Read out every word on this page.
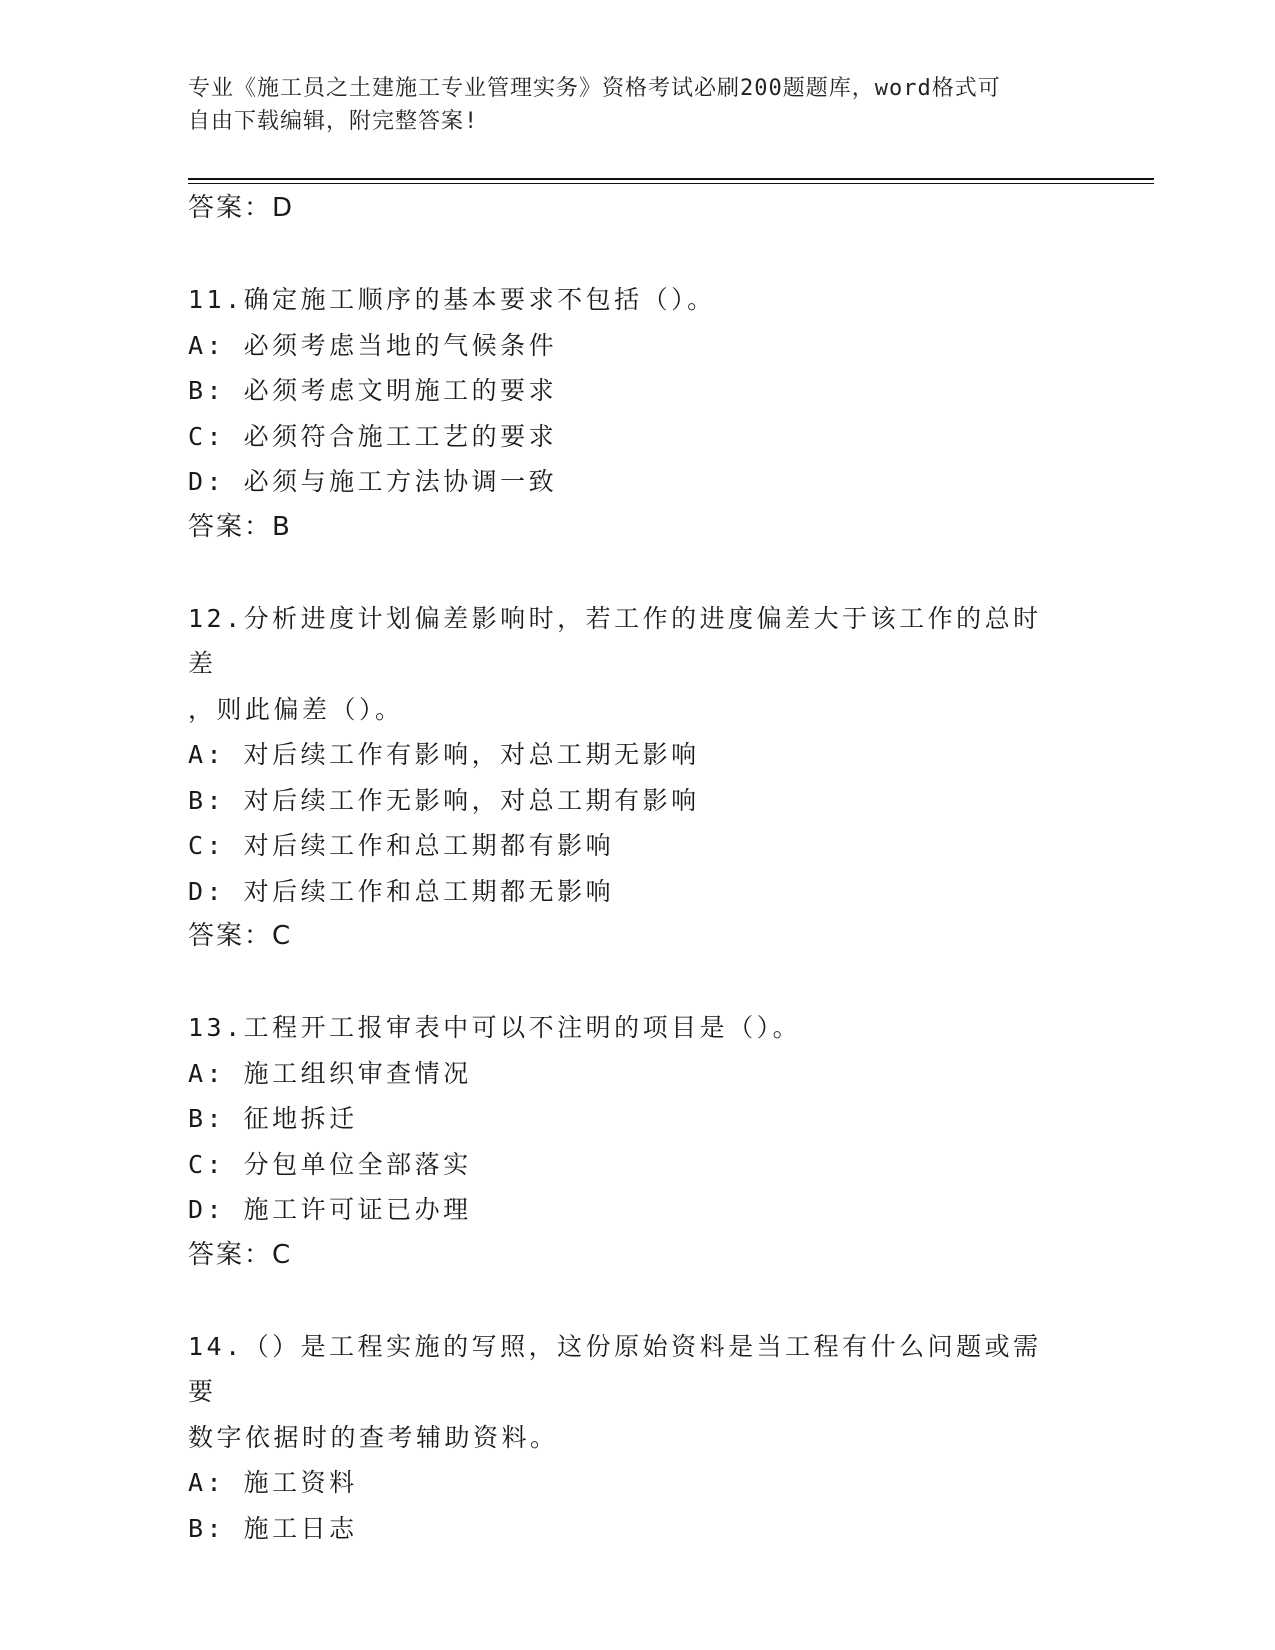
专业《施工员之土建施工专业管理实务》资格考试必刷200题题库，word格式可
自由下载编辑，附完整答案!
答案：D
11.确定施工顺序的基本要求不包括（）。
A: 必须考虑当地的气候条件
B: 必须考虑文明施工的要求
C: 必须符合施工工艺的要求
D: 必须与施工方法协调一致
答案：B
12.分析进度计划偏差影响时，若工作的进度偏差大于该工作的总时差
，则此偏差（）。
A: 对后续工作有影响，对总工期无影响
B: 对后续工作无影响，对总工期有影响
C: 对后续工作和总工期都有影响
D: 对后续工作和总工期都无影响
答案：C
13.工程开工报审表中可以不注明的项目是（）。
A: 施工组织审查情况
B: 征地拆迁
C: 分包单位全部落实
D: 施工许可证已办理
答案：C
14.（）是工程实施的写照，这份原始资料是当工程有什么问题或需要
数字依据时的查考辅助资料。
A: 施工资料
B: 施工日志
